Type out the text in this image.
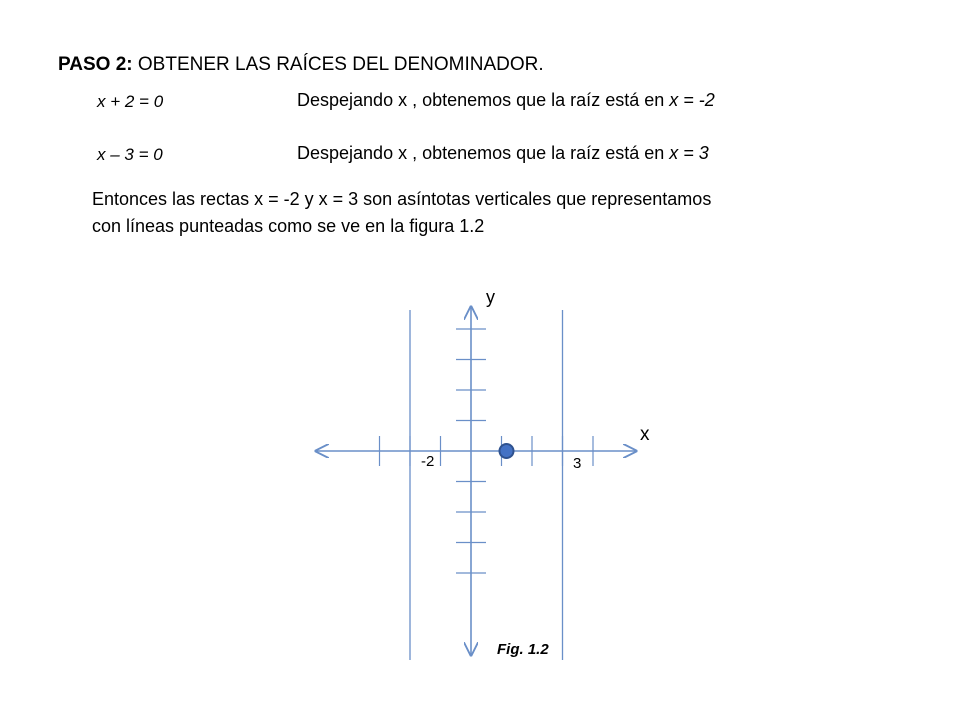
PASO 2: OBTENER LAS RAÍCES DEL DENOMINADOR.
x + 2 = 0	Despejando x , obtenemos que la raíz está en x = -2
x – 3 = 0	Despejando x , obtenemos que la raíz está en x = 3
Entonces las rectas x = -2 y x = 3 son asíntotas verticales que representamos
con líneas punteadas como se ve en la figura 1.2
y
x
-2	3
Fig. 1.2
